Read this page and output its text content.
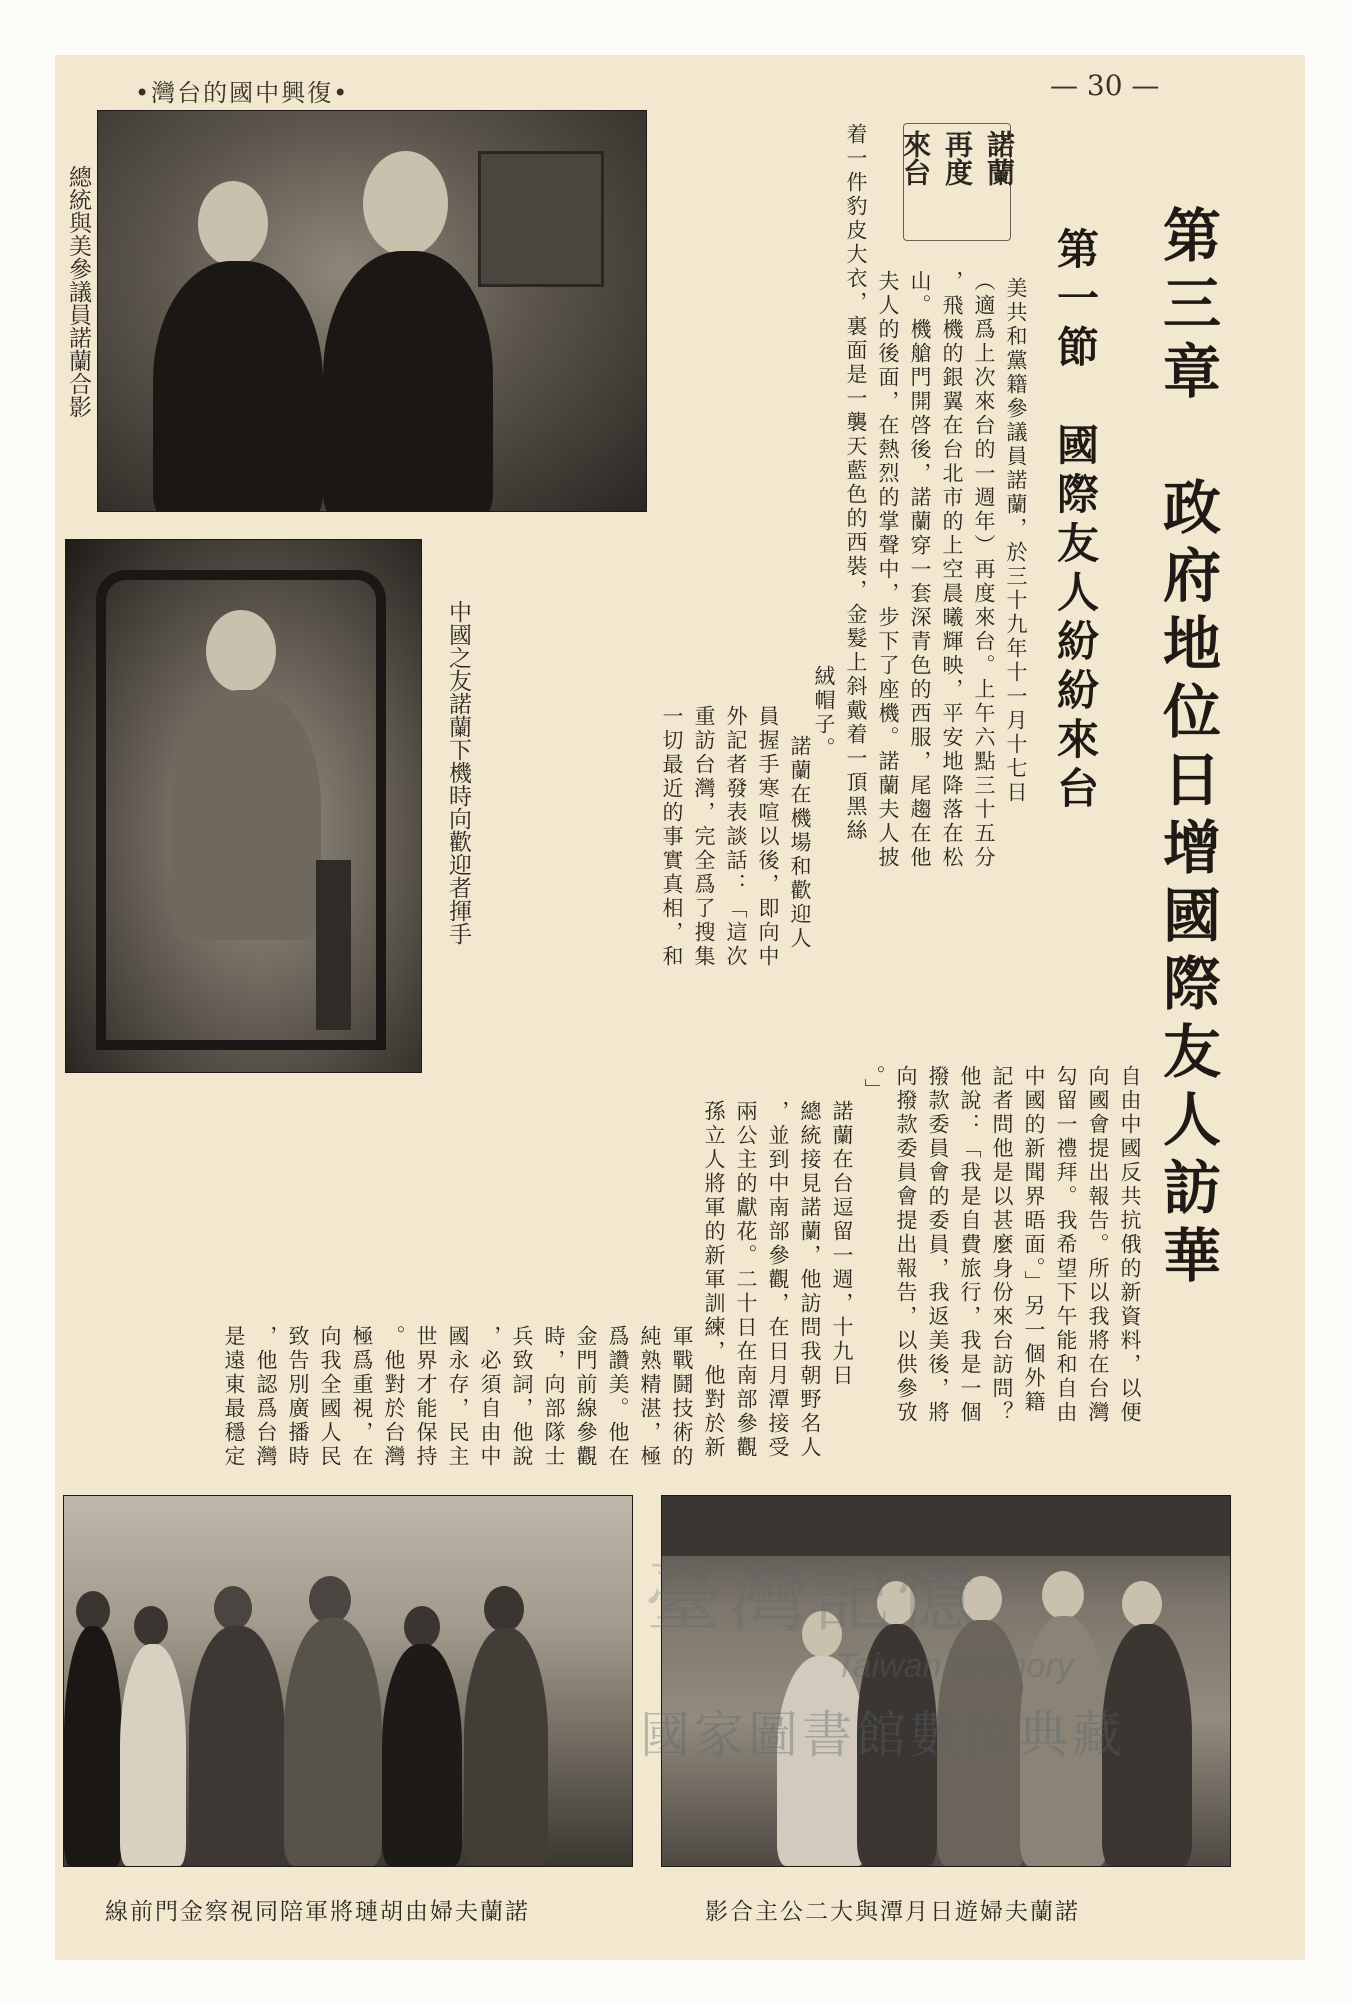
•灣台的國中興復•	— 30 —
總統與美參議員諾蘭合影
中國之友諾蘭下機時向歡迎者揮手
諾蘭
再度
來台
第三章　政府地位日增國際友人訪華
第一節　國際友人紛紛來台
美共和黨籍參議員諾蘭，於三十九年十一月十七日
（適爲上次來台的一週年）再度來台。上午六點三十五分
，飛機的銀翼在台北市的上空晨曦輝映，平安地降落在松
山。機艙門開啓後，諾蘭穿一套深青色的西服，尾趨在他
夫人的後面，在熱烈的掌聲中，步下了座機。諾蘭夫人披
着一件豹皮大衣，裏面是一襲天藍色的西裝，金髮上斜戴着一頂黑絲
絨帽子。
諾蘭在機場和歡迎人
員握手寒喧以後，即向中
外記者發表談話：「這次
重訪台灣，完全爲了搜集
一切最近的事實真相，和
自由中國反共抗俄的新資料，以便
向國會提出報告。所以我將在台灣
勾留一禮拜。我希望下午能和自由
中國的新聞界晤面。」另一個外籍
記者問他是以甚麼身份來台訪問？
他說：「我是自費旅行，我是一個
撥款委員會的委員，我返美後，將
向撥款委員會提出報告，以供參攷
。」
諾蘭在台逗留一週，十九日
總統接見諾蘭，他訪問我朝野名人
，並到中南部參觀，在日月潭接受
兩公主的獻花。二十日在南部參觀
孫立人將軍的新軍訓練，他對於新
軍戰鬪技術的
純熟精湛，極
爲讚美。他在
金門前線參觀
時，向部隊士
兵致詞，他說
，必須自由中
國永存，民主
世界才能保持
。他對於台灣
極爲重視，在
向我全國人民
致告別廣播時
，他認爲台灣
是遠東最穩定
線前門金察視同陪軍將璉胡由婦夫蘭諾	影合主公二大與潭月日遊婦夫蘭諾
臺灣記憶
Taiwan Memory
國家圖書館數位典藏
